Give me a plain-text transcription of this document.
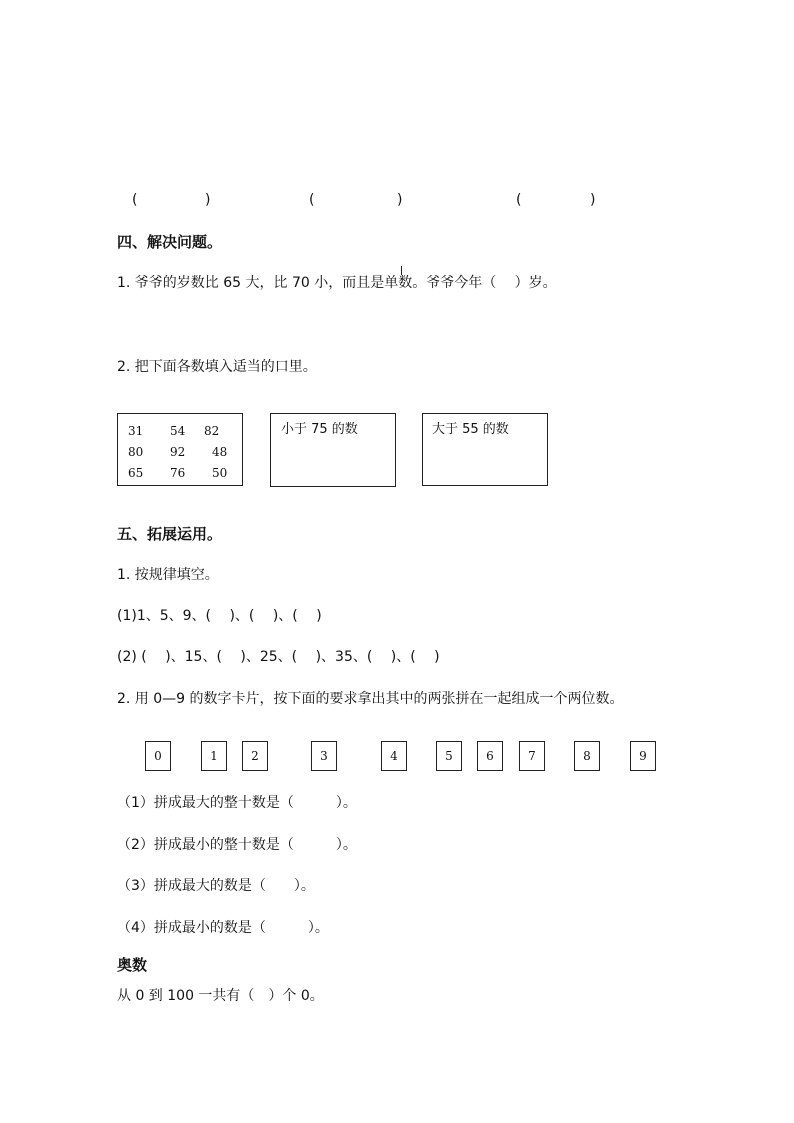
(	)	(	)	(	)
四、解决问题。
1. 爷爷的岁数比 65 大，比 70 小，而且是单数。爷爷今年（　 ）岁。
2. 把下面各数填入适当的口里。
31 54 82
80 92 48
65 76 50
小于 75 的数	大于 55 的数
五、拓展运用。
1. 按规律填空。
(1)1、5、9、(　 )、(　 )、(　 )
(2) (　 )、15、(　 )、25、(　 )、35、(　 )、(　 )
2. 用 0—9 的数字卡片，按下面的要求拿出其中的两张拼在一起组成一个两位数。
0	1	2	3	4	5	6	7	8	9
（1）拼成最大的整十数是（　　　）。
（2）拼成最小的整十数是（　　　）。
（3）拼成最大的数是（　　）。
（4）拼成最小的数是（　　　）。
奥数
从 0 到 100 一共有（　）个 0。
